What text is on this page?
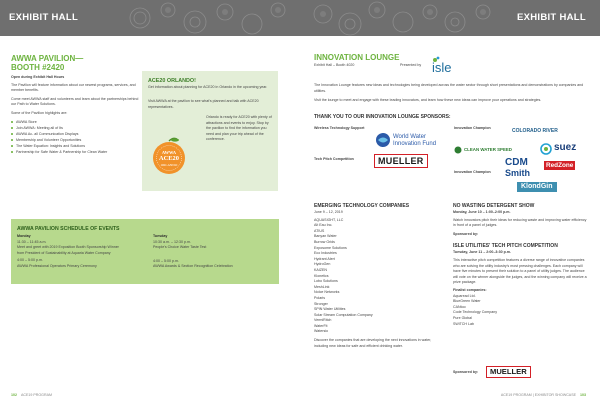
EXHIBIT HALL
AWWA PAVILION—
BOOTH #2420
Open during Exhibit Hall Hours
The Pavilion will feature information about our newest programs, services, and member benefits.
Come meet AWWA staff and volunteers and learn about the partnerships behind our Path to Water Solutions.
Some of the Pavilion highlights are:
AWWA Store
Join AWWA: Meeting all of Its
AWWA Ac- all Communication Displays
Membership and Volunteer Opportunities
The Water Equation: Insights and Solutions
Partnership for Safe Water & Partnership for Clean Water
ACE20 ORLANDO!
Get information about planning for ACE20 in Orlando in the upcoming year.
Visit AWWA at the pavilion to see what's planned and talk with ACE20 representatives.
Orlando is ready for ACE20 with plenty of attractions and events to enjoy. Stop by the pavilion to find the information you need and plan your trip ahead of the conference.
AWWA
ACE20
ORLANDO
AWWA PAVILION SCHEDULE OF EVENTS
Monday
11:30 – 11:45 a.m.
Meet and greet with 2019 Exposition Booth Sponsorship Winner
from President of Sustainability at Aquaria Water Company
4:00 – 5:00 p.m.
AWWA Professional Operators Primary Ceremony
Tuesday
10:30 a.m. – 12:30 p.m.
People's Choice Water Taste Test
4:00 – 5:00 p.m.
AWWA Awards & Section Recognition Celebration
102 ACE19 PROGRAM
EXHIBIT HALL
INNOVATION LOUNGE
Exhibit Hall – Booth 4020	Presented by isle
The Innovation Lounge features new ideas and technologies being developed across the water sector through short presentations and demonstrations by companies and utilities.
Visit the lounge to meet and engage with these leading innovators, and learn how these new ideas can improve your operations and strategies.
THANK YOU TO OUR INNOVATION LOUNGE SPONSORS:
Wireless Technology Support
World Water
Innovation Fund
Innovation Champion	COLORADO RIVER
CLEAN WATER SPEED	suez
Tech Pitch Competition	MUELLER
Innovation Champion
CDM
Smith
RedZone
KlondGin
EMERGING TECHNOLOGY COMPANIES
June 9 – 12, 2019
AQUASIGHT, LLC
Alt Eau Inc.
ATIUS
Banyan Water
Burrow Grids
Exposome Solutions
Eco Industries
Hydrant Alert
HydroGen
KAIZEN
Klonetics
Lobo Solutions
MeshLink
NoIce Networks
Polaris
Stronger
SPIN Water Utilities
Solar Stream Computation Company
VermiRitch
WaterFit
Watersio
Discover the companies that are developing the next innovations in water, including new ideas for safe and efficient drinking water.
NO WASTING DETERGENT SHOW
Monday, June 10 – 1:00–2:00 p.m.
Watch innovators pitch their ideas for reducing waste and improving water efficiency in front of a panel of judges.
Sponsored by:
ISLE UTILITIES' TECH PITCH COMPETITION
Tuesday, June 11 – 2:00–3:30 p.m.
This interactive pitch competition features a diverse range of innovative companies who are solving the utility industry's most pressing challenges. Each company will have five minutes to present their solution to a panel of utility judges. The audience will vote on the winner alongside the judges, and the winning company will receive a prize package.
Finalist companies:
Aquaread Ltd.
BlueGreen Water
CANtoo
Code Technology Company
Pure Global
SWiTCH Lab
Sponsored by:	MUELLER
ACE19 PROGRAM | EXHIBITOR SHOWCASE 103
